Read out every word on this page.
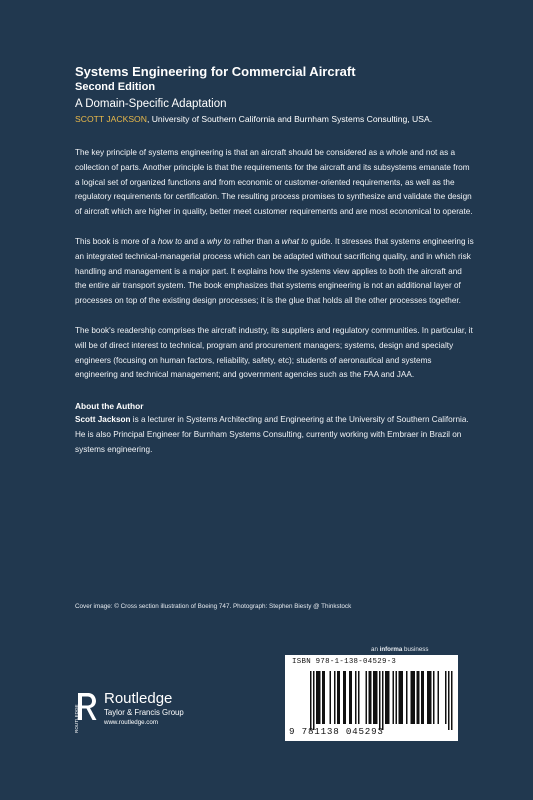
Systems Engineering for Commercial Aircraft
Second Edition
A Domain-Specific Adaptation
SCOTT JACKSON, University of Southern California and Burnham Systems Consulting, USA.

The key principle of systems engineering is that an aircraft should be considered as a whole and not as a collection of parts. Another principle is that the requirements for the aircraft and its subsystems emanate from a logical set of organized functions and from economic or customer-oriented requirements, as well as the regulatory requirements for certification. The resulting process promises to synthesize and validate the design of aircraft which are higher in quality, better meet customer requirements and are most economical to operate.

This book is more of a how to and a why to rather than a what to guide. It stresses that systems engineering is an integrated technical-managerial process which can be adapted without sacrificing quality, and in which risk handling and management is a major part. It explains how the systems view applies to both the aircraft and the entire air transport system. The book emphasizes that systems engineering is not an additional layer of processes on top of the existing design processes; it is the glue that holds all the other processes together.

The book's readership comprises the aircraft industry, its suppliers and regulatory communities. In particular, it will be of direct interest to technical, program and procurement managers; systems, design and specialty engineers (focusing on human factors, reliability, safety, etc); students of aeronautical and systems engineering and technical management; and government agencies such as the FAA and JAA.

About the Author

Scott Jackson is a lecturer in Systems Architecting and Engineering at the University of Southern California. He is also Principal Engineer for Burnham Systems Consulting, currently working with Embraer in Brazil on systems engineering.

Cover image: © Cross section illustration of Boeing 747. Photograph: Stephen Biesty @ Thinkstock
an informa business
ROUTLEDGE
Routledge
Taylor & Francis Group
www.routledge.com
ISBN 978-1-138-04529-3
9 781138 045293
